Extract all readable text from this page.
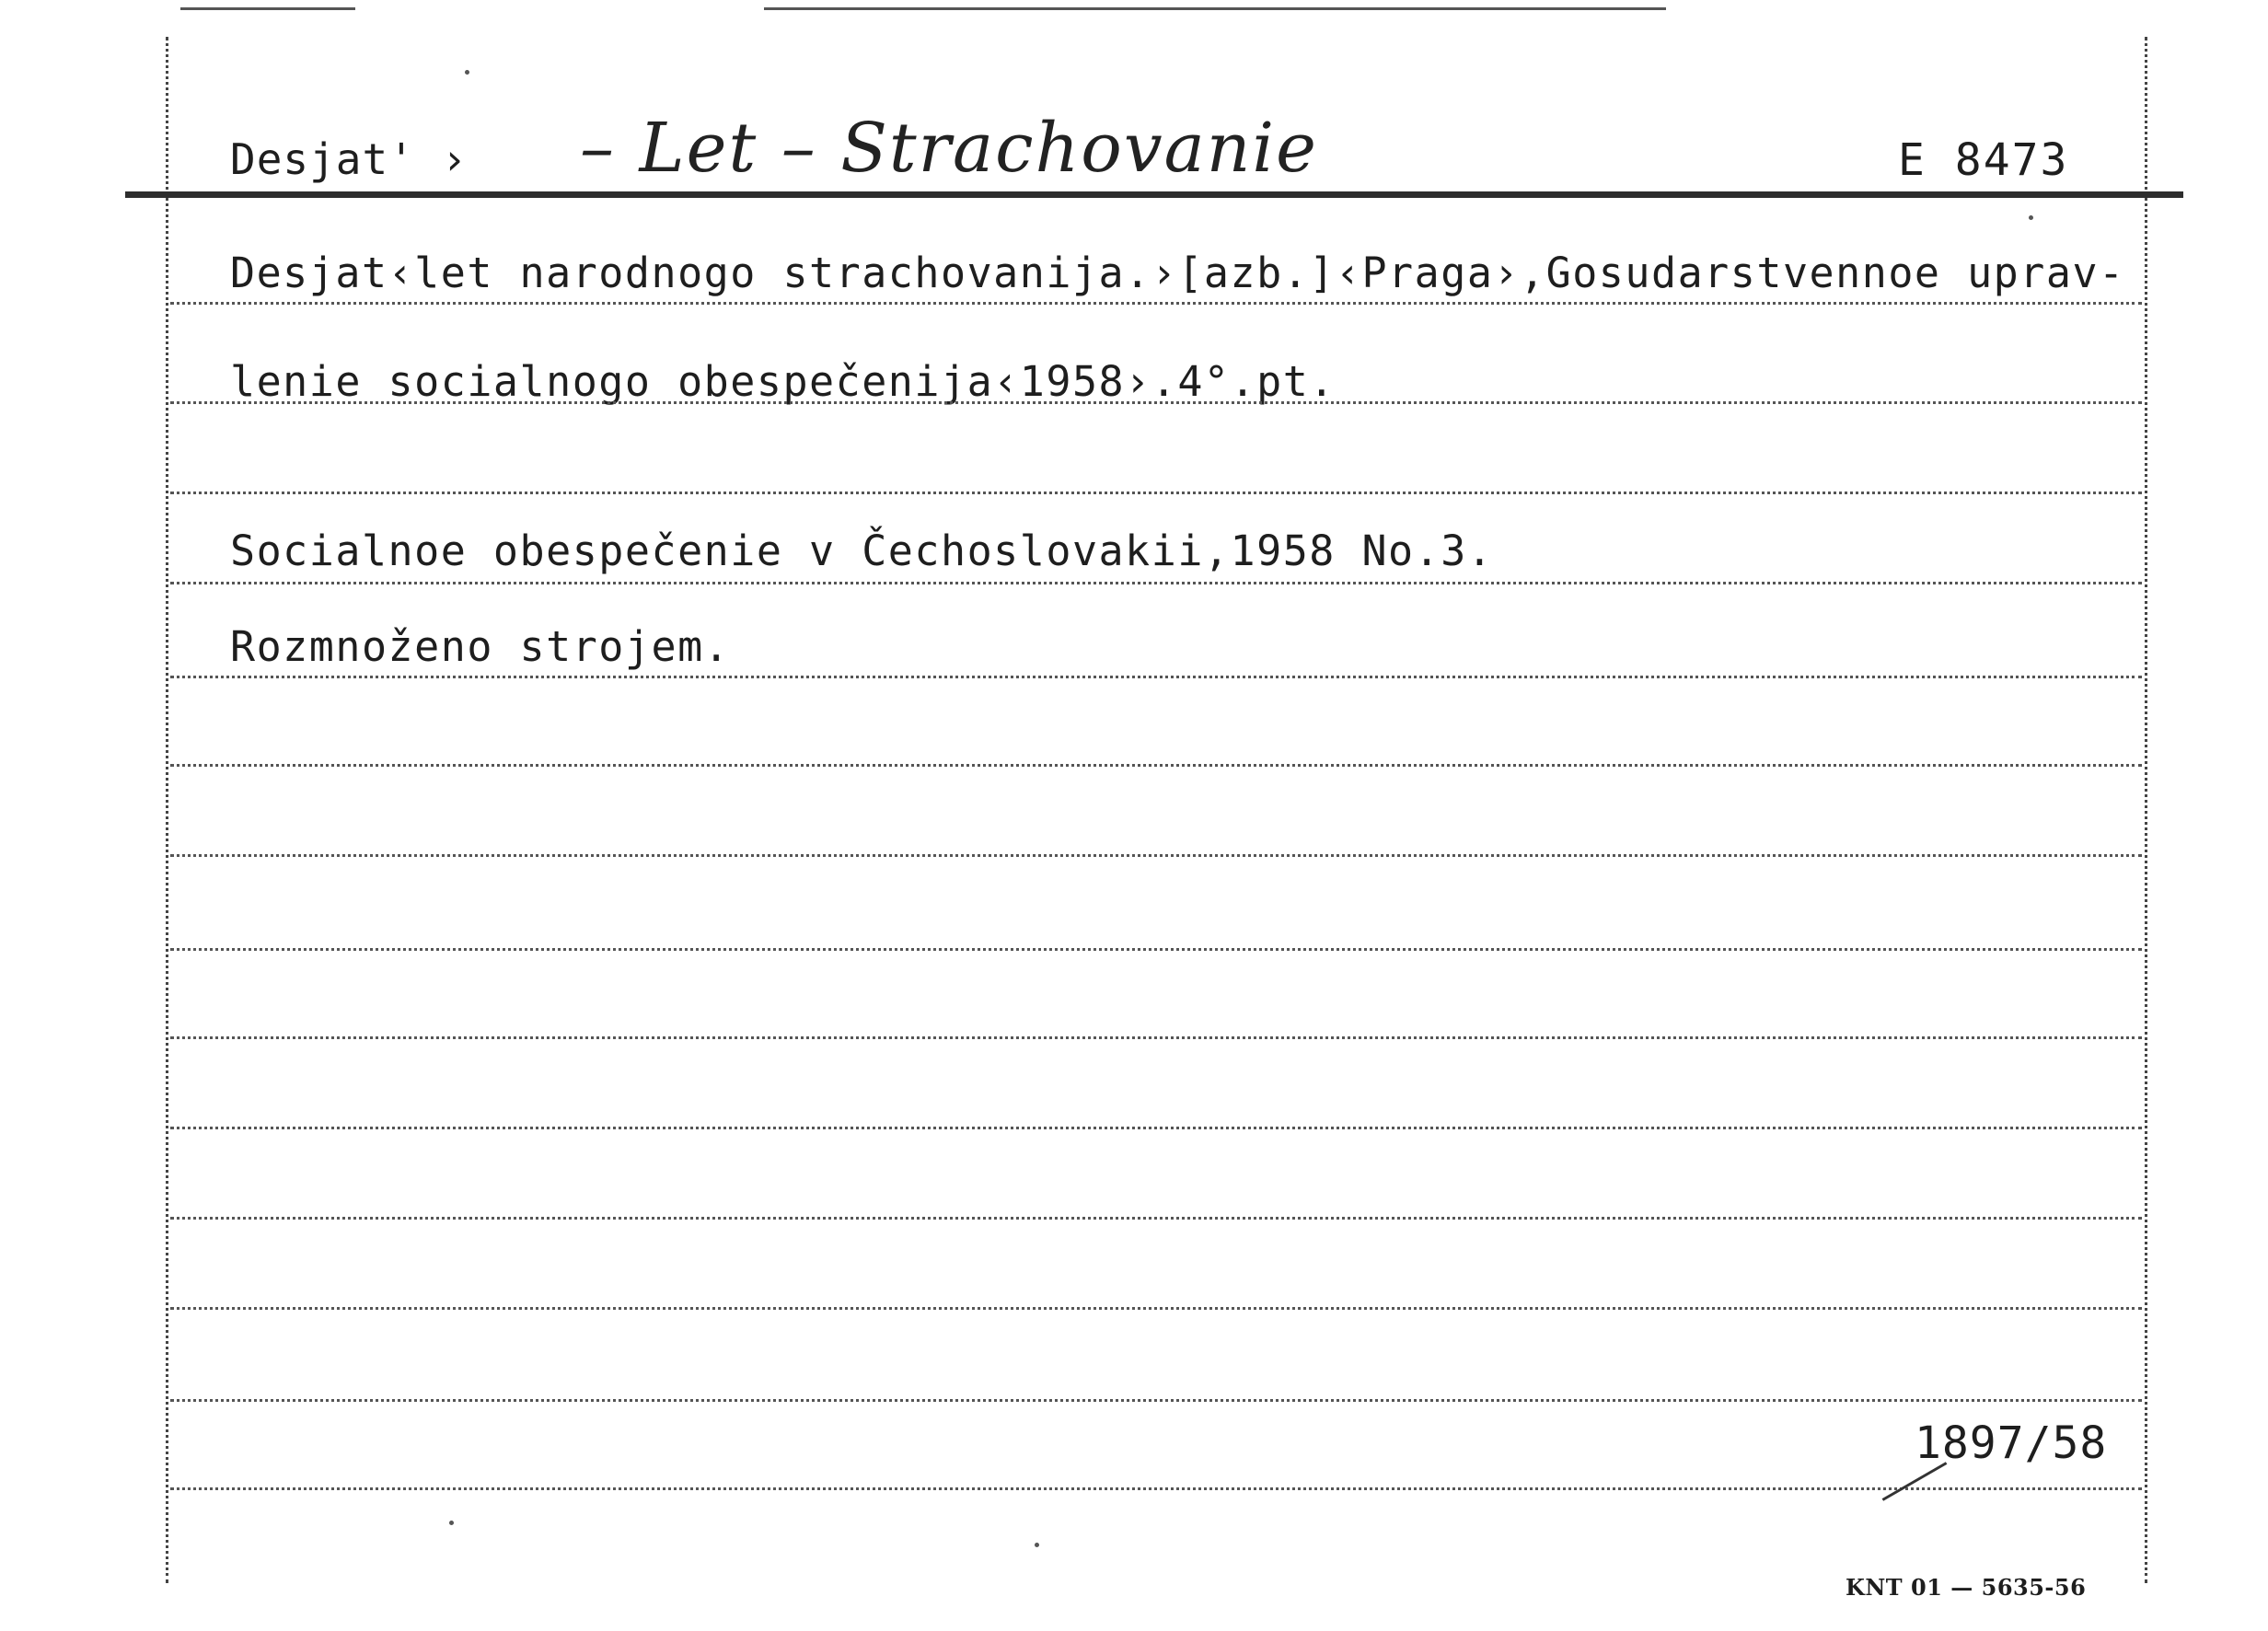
Desjat' › – Let – Strachovanie	E 8473
Desjat‹let narodnogo strachovanija.›[azb.]‹Praga›,Gosudarstvennoe uprav-
lenie socialnogo obespečenija‹1958›.4°.pt.
Socialnoe obespečenie v Čechoslovakii,1958 No.3.
Rozmnoženo strojem.
1897/58
KNT 01 — 5635-56
